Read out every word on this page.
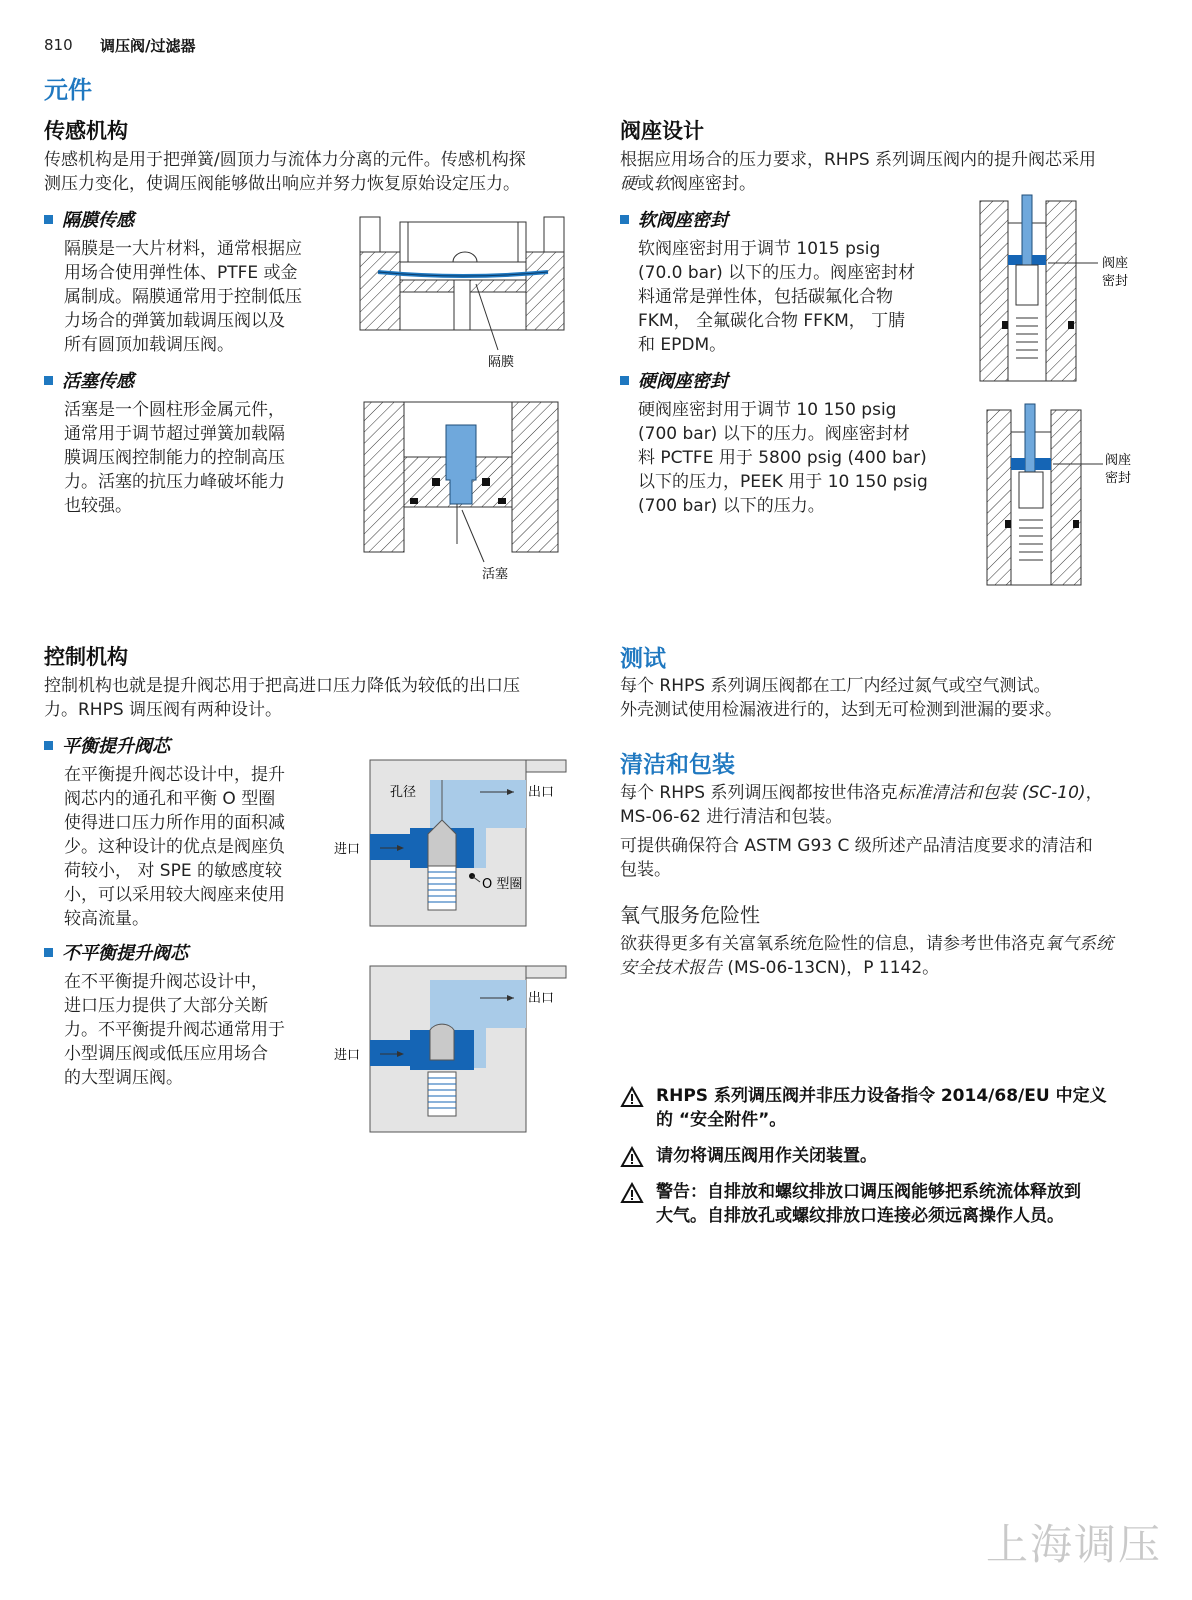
810 调压阀/过滤器
元件
传感机构
传感机构是用于把弹簧/圆顶力与流体力分离的元件。传感机构探
测压力变化，使调压阀能够做出响应并努力恢复原始设定压力。
隔膜传感
隔膜是一大片材料，通常根据应
用场合使用弹性体、PTFE 或金
属制成。隔膜通常用于控制低压
力场合的弹簧加载调压阀以及
所有圆顶加载调压阀。
隔膜
活塞传感
活塞是一个圆柱形金属元件，
通常用于调节超过弹簧加载隔
膜调压阀控制能力的控制高压
力。活塞的抗压力峰破坏能力
也较强。
活塞
阀座设计
根据应用场合的压力要求，RHPS 系列调压阀内的提升阀芯采用
硬或软阀座密封。
软阀座密封
软阀座密封用于调节 1015 psig
(70.0 bar) 以下的压力。阀座密封材
料通常是弹性体，包括碳氟化合物
FKM， 全氟碳化合物 FFKM， 丁腈
和 EPDM。
阀座
密封
硬阀座密封
硬阀座密封用于调节 10 150 psig
(700 bar) 以下的压力。阀座密封材
料 PCTFE 用于 5800 psig (400 bar)
以下的压力，PEEK 用于 10 150 psig
(700 bar) 以下的压力。
阀座
密封
控制机构
控制机构也就是提升阀芯用于把高进口压力降低为较低的出口压
力。RHPS 调压阀有两种设计。
平衡提升阀芯
在平衡提升阀芯设计中，提升
阀芯内的通孔和平衡 O 型圈
使得进口压力所作用的面积减
少。这种设计的优点是阀座负
荷较小， 对 SPE 的敏感度较
小，可以采用较大阀座来使用
较高流量。
孔径	出口
进口
O 型圈
不平衡提升阀芯
在不平衡提升阀芯设计中，
进口压力提供了大部分关断
力。不平衡提升阀芯通常用于
小型调压阀或低压应用场合
的大型调压阀。
出口
进口
测试
每个 RHPS 系列调压阀都在工厂内经过氮气或空气测试。
外壳测试使用检漏液进行的，达到无可检测到泄漏的要求。
清洁和包装
每个 RHPS 系列调压阀都按世伟洛克标准清洁和包装 (SC-10)，
MS-06-62 进行清洁和包装。
可提供确保符合 ASTM G93 C 级所述产品清洁度要求的清洁和
包装。
氧气服务危险性
欲获得更多有关富氧系统危险性的信息，请参考世伟洛克氧气系统
安全技术报告 (MS-06-13CN)，P 1142。
RHPS 系列调压阀并非压力设备指令 2014/68/EU 中定义
的 “安全附件”。
请勿将调压阀用作关闭装置。
警告：自排放和螺纹排放口调压阀能够把系统流体释放到
大气。自排放孔或螺纹排放口连接必须远离操作人员。
上海调压
